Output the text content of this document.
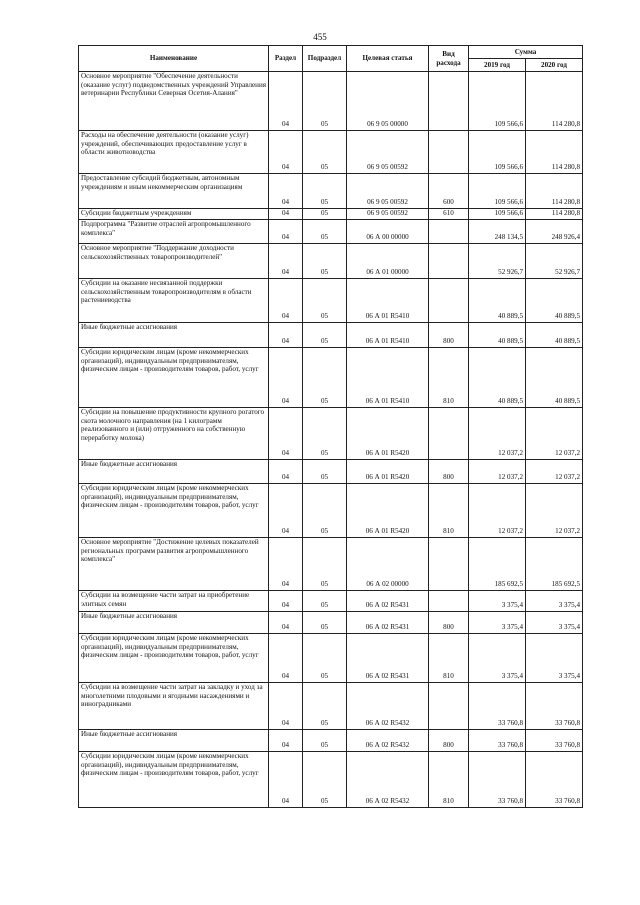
455
Наименование	Раздел	Подраздел	Целевая статья	Вид расхода	Сумма	
					2019 год	2020 год
Основное мероприятие "Обеспечение деятельности (оказание услуг) подведомственных учреждений Управления ветеринарии Республики Северная Осетия-Алания"	04	05	06 9 05 00000		109 566,6	114 280,8
Расходы на обеспечение деятельности (оказание услуг) учреждений, обеспечивающих предоставление услуг в области животноводства	04	05	06 9 05 00592		109 566,6	114 280,8
Предоставление субсидий бюджетным, автономным учреждениям и иным некоммерческим организациям	04	05	06 9 05 00592	600	109 566,6	114 280,8
Субсидии бюджетным учреждениям	04	05	06 9 05 00592	610	109 566,6	114 280,8
Подпрограмма "Развитие отраслей агропромышленного комплекса"	04	05	06 А 00 00000		248 134,5	248 926,4
Основное мероприятие "Поддержание доходности сельскохозяйственных товаропроизводителей"	04	05	06 А 01 00000		52 926,7	52 926,7
Субсидии на оказание несвязанной поддержки сельскохозяйственным товаропроизводителям в области растениеводства	04	05	06 А 01 R5410		40 889,5	40 889,5
Иные бюджетные ассигнования	04	05	06 А 01 R5410	800	40 889,5	40 889,5
Субсидии юридическим лицам (кроме некоммерческих организаций), индивидуальным предпринимателям, физическим лицам - производителям товаров, работ, услуг	04	05	06 А 01 R5410	810	40 889,5	40 889,5
Субсидии на повышение продуктивности крупного рогатого скота молочного направления (на 1 килограмм реализованного и (или) отгруженного на собственную переработку молока)	04	05	06 А 01 R5420		12 037,2	12 037,2
Иные бюджетные ассигнования	04	05	06 А 01 R5420	800	12 037,2	12 037,2
Субсидии юридическим лицам (кроме некоммерческих организаций), индивидуальным предпринимателям, физическим лицам - производителям товаров, работ, услуг	04	05	06 А 01 R5420	810	12 037,2	12 037,2
Основное мероприятие "Достижение целевых показателей региональных программ развития агропромышленного комплекса"	04	05	06 А 02 00000		185 692,5	185 692,5
Субсидии на возмещение части затрат на приобретение элитных семян	04	05	06 А 02 R5431		3 375,4	3 375,4
Иные бюджетные ассигнования	04	05	06 А 02 R5431	800	3 375,4	3 375,4
Субсидии юридическим лицам (кроме некоммерческих организаций), индивидуальным предпринимателям, физическим лицам - производителям товаров, работ, услуг	04	05	06 А 02 R5431	810	3 375,4	3 375,4
Субсидии на возмещение части затрат на закладку и уход за многолетними плодовыми и ягодными насаждениями и виноградниками	04	05	06 А 02 R5432		33 760,8	33 760,8
Иные бюджетные ассигнования	04	05	06 А 02 R5432	800	33 760,8	33 760,8
Субсидии юридическим лицам (кроме некоммерческих организаций), индивидуальным предпринимателям, физическим лицам - производителям товаров, работ, услуг	04	05	06 А 02 R5432	810	33 760,8	33 760,8
